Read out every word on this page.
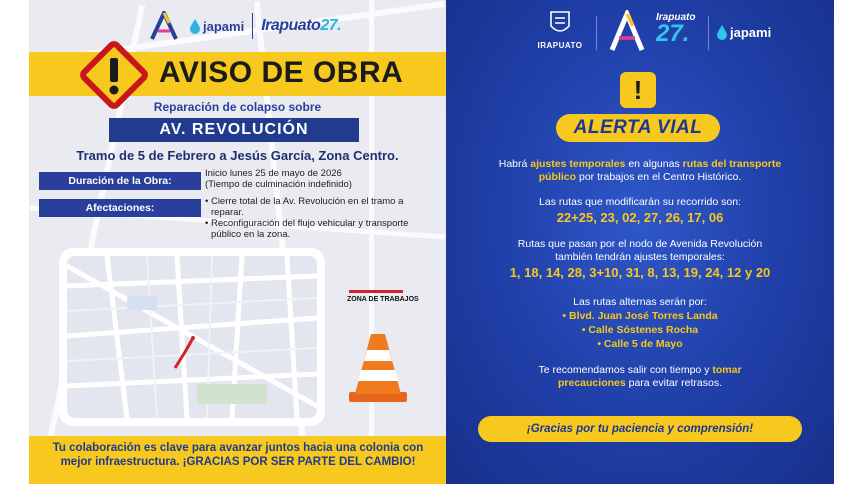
japami Irapuato27.
AVISO DE OBRA
Reparación de colapso sobre
AV. REVOLUCIÓN
Tramo de 5 de Febrero a Jesús García, Zona Centro.
Duración de la Obra:
Inicio lunes 25 de mayo de 2026
(Tiempo de culminación indefinido)
Afectaciones:
• Cierre total de la Av. Revolución en el tramo a
reparar.
• Reconfiguración del flujo vehicular y transporte
público en la zona.
ZONA DE TRABAJOS
Tu colaboración es clave para avanzar juntos hacia una colonia con
mejor infraestructura. ¡GRACIAS POR SER PARTE DEL CAMBIO!
IRAPUATO
Irapuato
27.	japami
!
ALERTA VIAL
Habrá ajustes temporales en algunas rutas del transporte
público por trabajos en el Centro Histórico.
Las rutas que modificarán su recorrido son:
22+25, 23, 02, 27, 26, 17, 06
Rutas que pasan por el nodo de Avenida Revolución
también tendrán ajustes temporales:
1, 18, 14, 28, 3+10, 31, 8, 13, 19, 24, 12 y 20
Las rutas alternas serán por:
• Blvd. Juan José Torres Landa
• Calle Sóstenes Rocha
• Calle 5 de Mayo
Te recomendamos salir con tiempo y tomar
precauciones para evitar retrasos.
¡Gracias por tu paciencia y comprensión!
